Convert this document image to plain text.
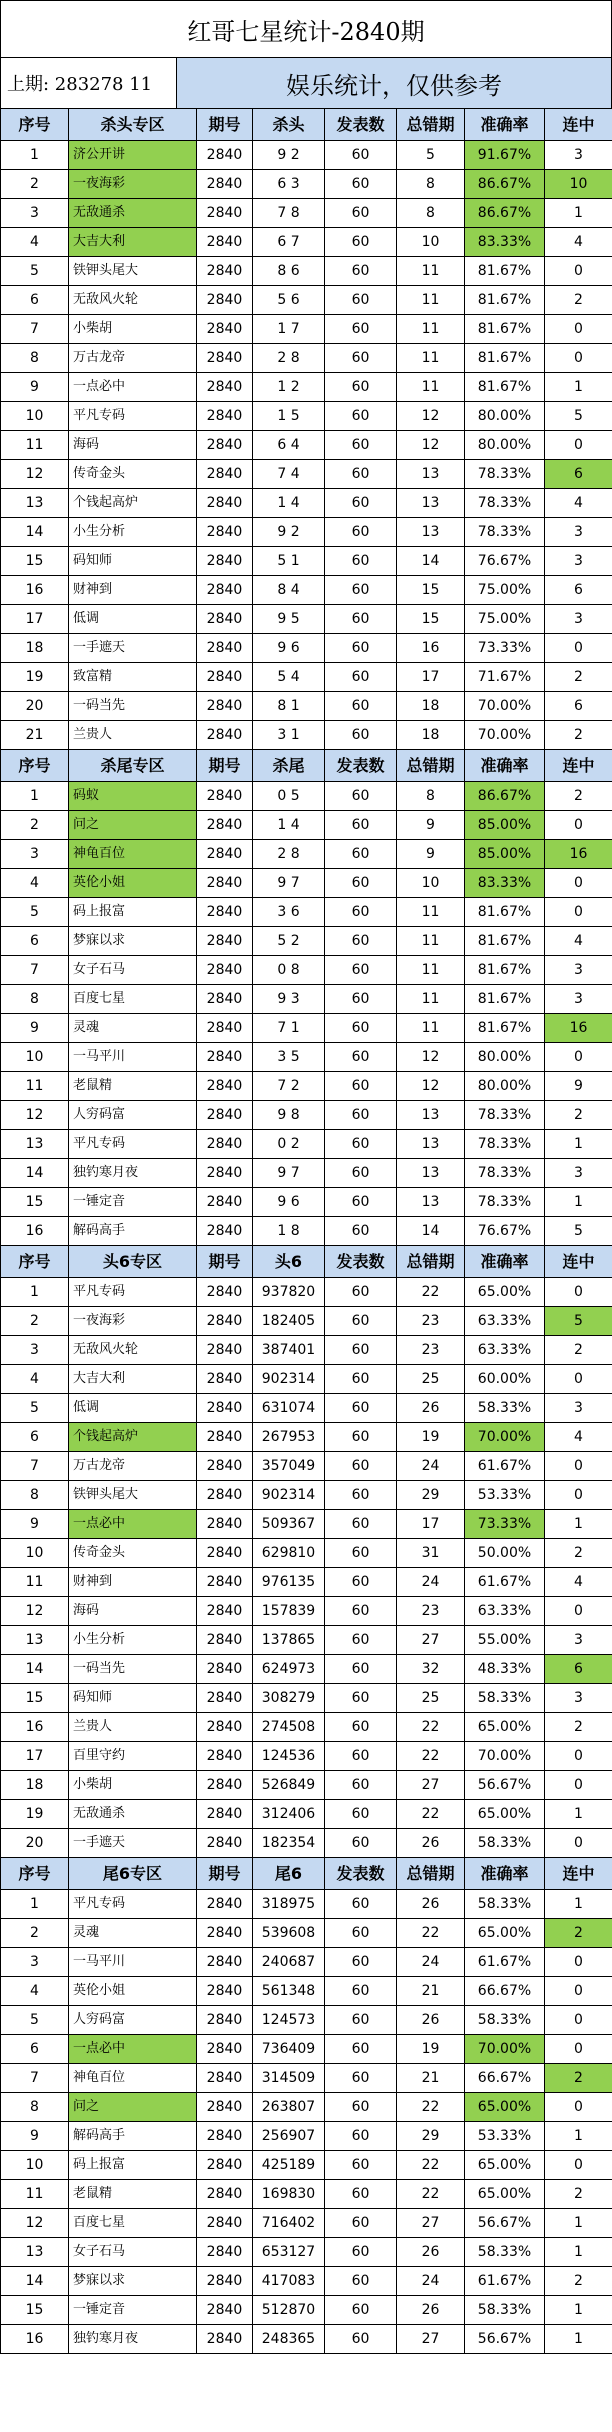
红哥七星统计-2840期
上期: 283278 11	娱乐统计，仅供参考
序号	杀头专区	期号	杀头	发表数	总错期	准确率	连中
1	济公开讲	2840	9 2	60	5	91.67%	3
2	一夜海彩	2840	6 3	60	8	86.67%	10
3	无敌通杀	2840	7 8	60	8	86.67%	1
4	大吉大利	2840	6 7	60	10	83.33%	4
5	铁钾头尾大	2840	8 6	60	11	81.67%	0
6	无敌风火轮	2840	5 6	60	11	81.67%	2
7	小柴胡	2840	1 7	60	11	81.67%	0
8	万古龙帝	2840	2 8	60	11	81.67%	0
9	一点必中	2840	1 2	60	11	81.67%	1
10	平凡专码	2840	1 5	60	12	80.00%	5
11	海码	2840	6 4	60	12	80.00%	0
12	传奇金头	2840	7 4	60	13	78.33%	6
13	个钱起高炉	2840	1 4	60	13	78.33%	4
14	小生分析	2840	9 2	60	13	78.33%	3
15	码知师	2840	5 1	60	14	76.67%	3
16	财神到	2840	8 4	60	15	75.00%	6
17	低调	2840	9 5	60	15	75.00%	3
18	一手遮天	2840	9 6	60	16	73.33%	0
19	致富精	2840	5 4	60	17	71.67%	2
20	一码当先	2840	8 1	60	18	70.00%	6
21	兰贵人	2840	3 1	60	18	70.00%	2
序号	杀尾专区	期号	杀尾	发表数	总错期	准确率	连中
1	码蚁	2840	0 5	60	8	86.67%	2
2	问之	2840	1 4	60	9	85.00%	0
3	神龟百位	2840	2 8	60	9	85.00%	16
4	英伦小姐	2840	9 7	60	10	83.33%	0
5	码上报富	2840	3 6	60	11	81.67%	0
6	梦寐以求	2840	5 2	60	11	81.67%	4
7	女子石马	2840	0 8	60	11	81.67%	3
8	百度七星	2840	9 3	60	11	81.67%	3
9	灵魂	2840	7 1	60	11	81.67%	16
10	一马平川	2840	3 5	60	12	80.00%	0
11	老鼠精	2840	7 2	60	12	80.00%	9
12	人穷码富	2840	9 8	60	13	78.33%	2
13	平凡专码	2840	0 2	60	13	78.33%	1
14	独钓寒月夜	2840	9 7	60	13	78.33%	3
15	一锤定音	2840	9 6	60	13	78.33%	1
16	解码高手	2840	1 8	60	14	76.67%	5
序号	头6专区	期号	头6	发表数	总错期	准确率	连中
1	平凡专码	2840	937820	60	22	65.00%	0
2	一夜海彩	2840	182405	60	23	63.33%	5
3	无敌风火轮	2840	387401	60	23	63.33%	2
4	大吉大利	2840	902314	60	25	60.00%	0
5	低调	2840	631074	60	26	58.33%	3
6	个钱起高炉	2840	267953	60	19	70.00%	4
7	万古龙帝	2840	357049	60	24	61.67%	0
8	铁钾头尾大	2840	902314	60	29	53.33%	0
9	一点必中	2840	509367	60	17	73.33%	1
10	传奇金头	2840	629810	60	31	50.00%	2
11	财神到	2840	976135	60	24	61.67%	4
12	海码	2840	157839	60	23	63.33%	0
13	小生分析	2840	137865	60	27	55.00%	3
14	一码当先	2840	624973	60	32	48.33%	6
15	码知师	2840	308279	60	25	58.33%	3
16	兰贵人	2840	274508	60	22	65.00%	2
17	百里守约	2840	124536	60	22	70.00%	0
18	小柴胡	2840	526849	60	27	56.67%	0
19	无敌通杀	2840	312406	60	22	65.00%	1
20	一手遮天	2840	182354	60	26	58.33%	0
序号	尾6专区	期号	尾6	发表数	总错期	准确率	连中
1	平凡专码	2840	318975	60	26	58.33%	1
2	灵魂	2840	539608	60	22	65.00%	2
3	一马平川	2840	240687	60	24	61.67%	0
4	英伦小姐	2840	561348	60	21	66.67%	0
5	人穷码富	2840	124573	60	26	58.33%	0
6	一点必中	2840	736409	60	19	70.00%	0
7	神龟百位	2840	314509	60	21	66.67%	2
8	问之	2840	263807	60	22	65.00%	0
9	解码高手	2840	256907	60	29	53.33%	1
10	码上报富	2840	425189	60	22	65.00%	0
11	老鼠精	2840	169830	60	22	65.00%	2
12	百度七星	2840	716402	60	27	56.67%	1
13	女子石马	2840	653127	60	26	58.33%	1
14	梦寐以求	2840	417083	60	24	61.67%	2
15	一锤定音	2840	512870	60	26	58.33%	1
16	独钓寒月夜	2840	248365	60	27	56.67%	1
